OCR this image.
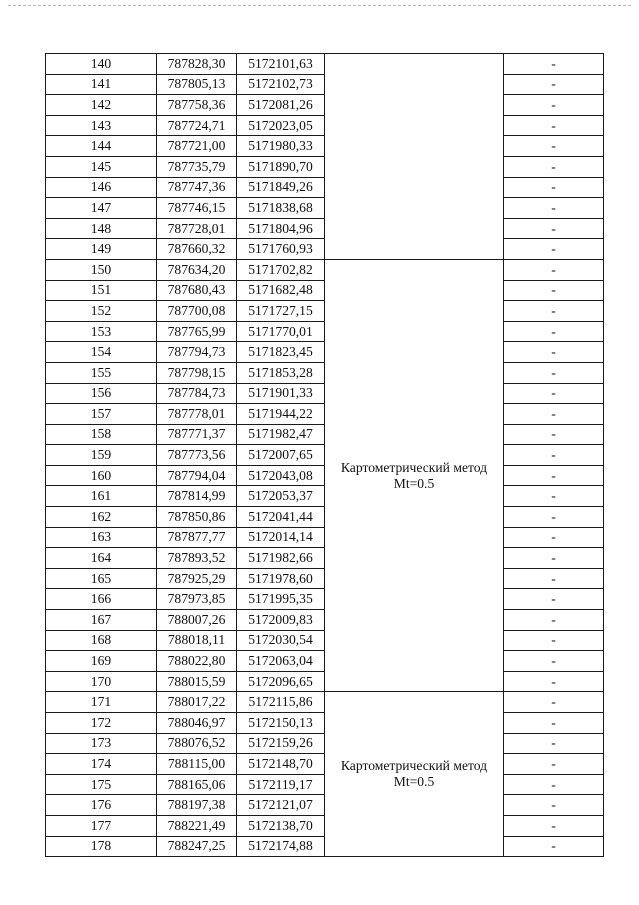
140	787828,30	5172101,63		-
141	787805,13	5172102,73		-
142	787758,36	5172081,26		-
143	787724,71	5172023,05		-
144	787721,00	5171980,33		-
145	787735,79	5171890,70		-
146	787747,36	5171849,26		-
147	787746,15	5171838,68		-
148	787728,01	5171804,96		-
149	787660,32	5171760,93		-
150	787634,20	5171702,82	Картометрический метод
Mt=0.5	-
151	787680,43	5171682,48		-
152	787700,08	5171727,15		-
153	787765,99	5171770,01		-
154	787794,73	5171823,45		-
155	787798,15	5171853,28		-
156	787784,73	5171901,33		-
157	787778,01	5171944,22		-
158	787771,37	5171982,47		-
159	787773,56	5172007,65		-
160	787794,04	5172043,08		-
161	787814,99	5172053,37		-
162	787850,86	5172041,44		-
163	787877,77	5172014,14		-
164	787893,52	5171982,66		-
165	787925,29	5171978,60		-
166	787973,85	5171995,35		-
167	788007,26	5172009,83		-
168	788018,11	5172030,54		-
169	788022,80	5172063,04		-
170	788015,59	5172096,65		-
171	788017,22	5172115,86	Картометрический метод
Mt=0.5	-
172	788046,97	5172150,13		-
173	788076,52	5172159,26		-
174	788115,00	5172148,70		-
175	788165,06	5172119,17		-
176	788197,38	5172121,07		-
177	788221,49	5172138,70		-
178	788247,25	5172174,88		-
